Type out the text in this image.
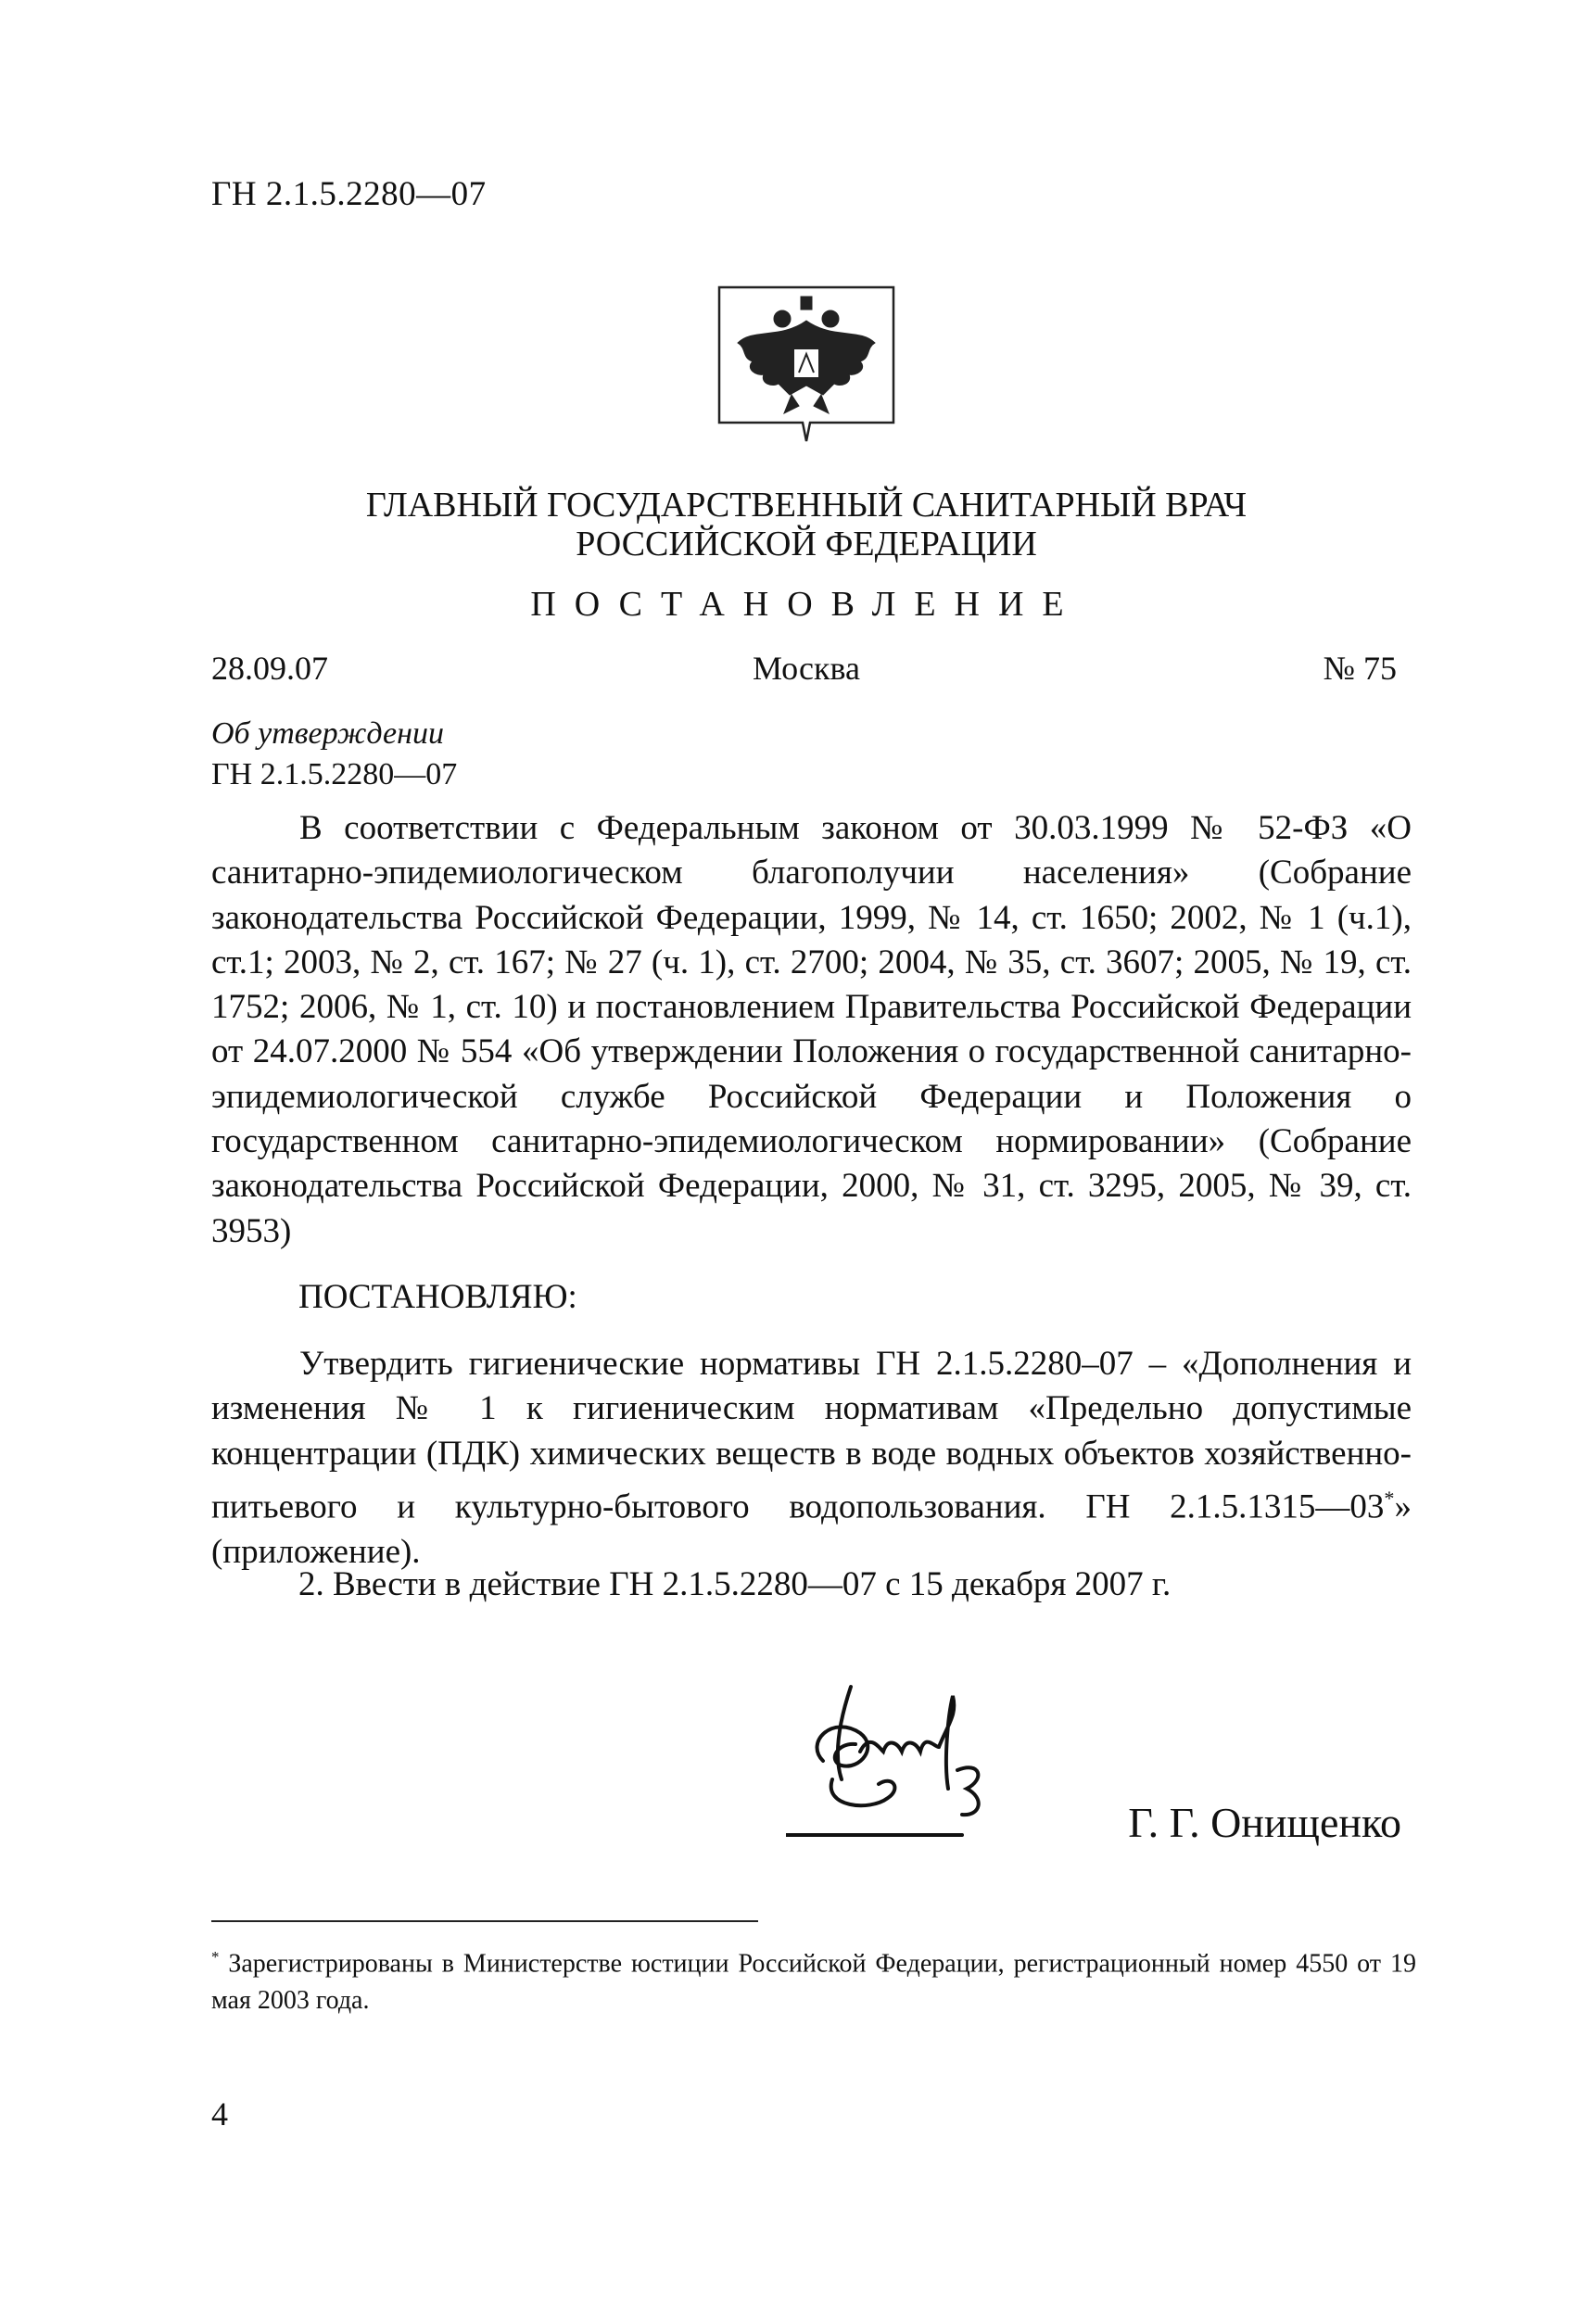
ГН 2.1.5.2280—07
ГЛАВНЫЙ ГОСУДАРСТВЕННЫЙ САНИТАРНЫЙ ВРАЧ
РОССИЙСКОЙ ФЕДЕРАЦИИ
ПОСТАНОВЛЕНИЕ
28.09.07	Москва	№ 75
Об утверждении
ГН 2.1.5.2280—07
В соответствии с Федеральным законом от 30.03.1999 № 52-ФЗ «О санитарно-эпидемиологическом благополучии населения» (Собрание законодательства Российской Федерации, 1999, № 14, ст. 1650; 2002, № 1 (ч.1), ст.1; 2003, № 2, ст. 167; № 27 (ч. 1), ст. 2700; 2004, № 35, ст. 3607; 2005, № 19, ст. 1752; 2006, № 1, ст. 10) и постановлением Правительства Российской Федерации от 24.07.2000 № 554 «Об утверждении Положения о государственной санитарно-эпидемиологической службе Российской Федерации и Положения о государственном санитарно-эпидемиологическом нормировании» (Собрание законодательства Российской Федерации, 2000, № 31, ст. 3295, 2005, № 39, ст. 3953)
ПОСТАНОВЛЯЮ:
Утвердить гигиенические нормативы ГН 2.1.5.2280–07 – «Дополнения и изменения № 1 к гигиеническим нормативам «Предельно допустимые концентрации (ПДК) химических веществ в воде водных объектов хозяйственно-питьевого и культурно-бытового водопользования. ГН 2.1.5.1315—03*» (приложение).
2. Ввести в действие ГН 2.1.5.2280—07 с 15 декабря 2007 г.
Г. Г. Онищенко
* Зарегистрированы в Министерстве юстиции Российской Федерации, регистрационный номер 4550 от 19 мая 2003 года.
4
